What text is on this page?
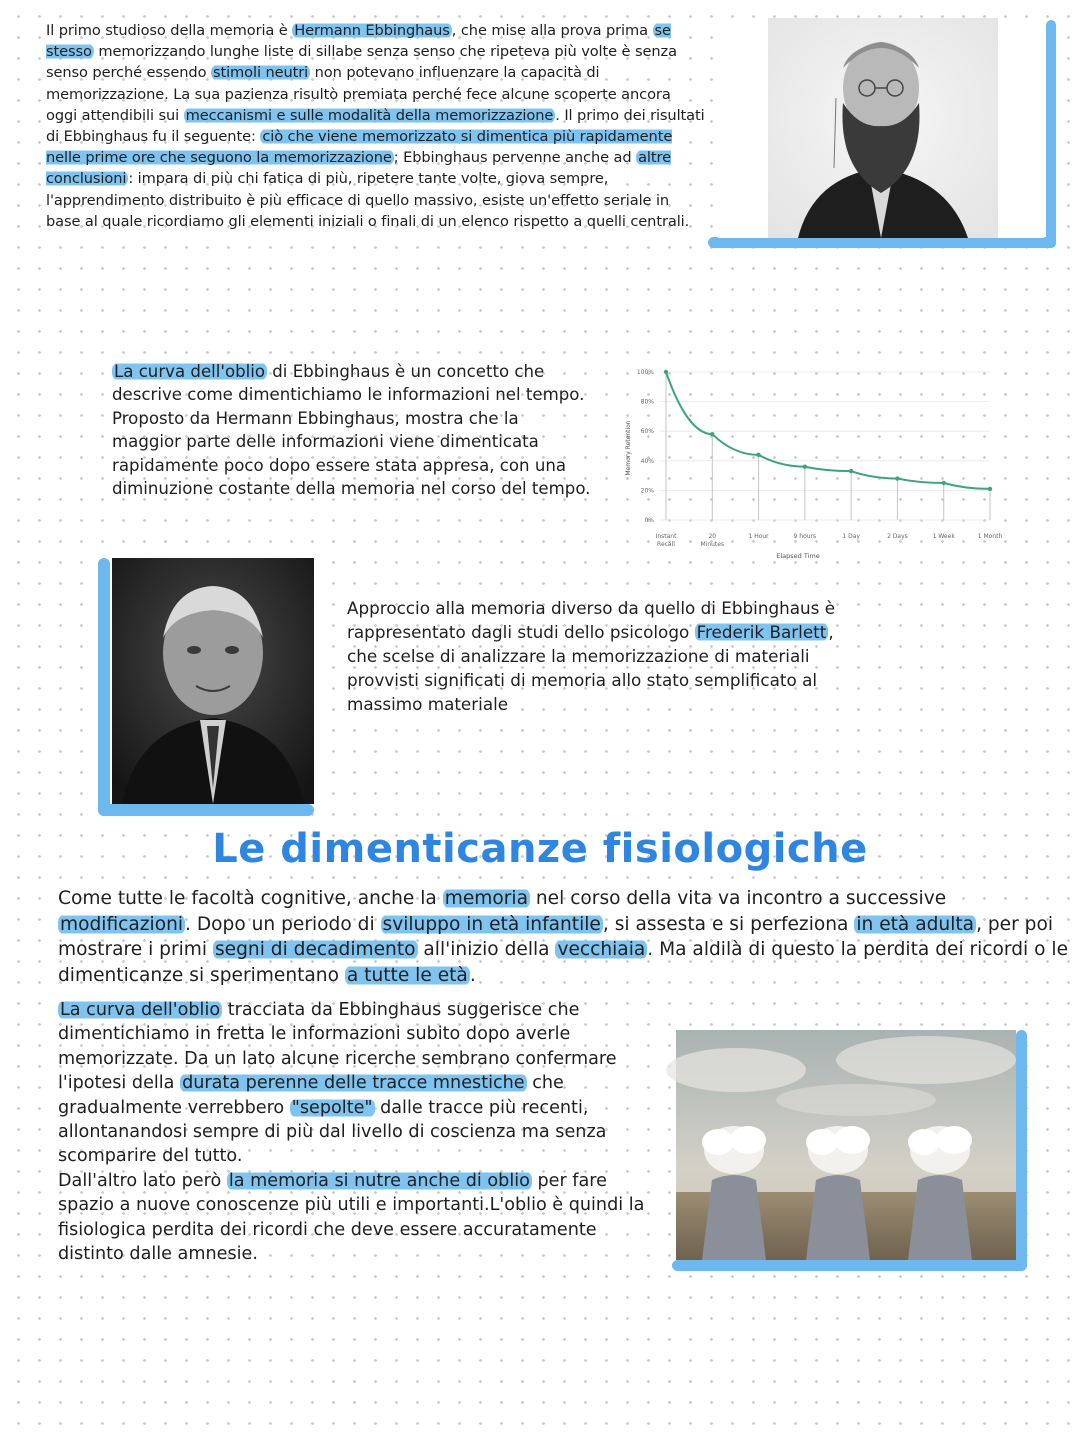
Il primo studioso della memoria è Hermann Ebbinghaus , che mise alla prova prima se stesso memorizzando lunghe liste di sillabe senza senso che ripeteva più volte è senza senso perché essendo stimoli neutri non potevano influenzare la capacità di memorizzazione. La sua pazienza risultò premiata perché fece alcune scoperte ancora oggi attendibili sui meccanismi e sulle modalità della memorizzazione . Il primo dei risultati di Ebbinghaus fu il seguente: ciò che viene memorizzato si dimentica più rapidamente nelle prime ore che seguono la memorizzazione ; Ebbinghaus pervenne anche ad altre conclusioni : impara di più chi fatica di più, ripetere tante volte, giova sempre, l'apprendimento distribuito è più efficace di quello massivo, esiste un'effetto seriale in base al quale ricordiamo gli elementi iniziali o finali di un elenco rispetto a quelli centrali.

La curva dell'oblio di Ebbinghaus è un concetto che descrive come dimentichiamo le informazioni nel tempo. Proposto da Hermann Ebbinghaus, mostra che la maggior parte delle informazioni viene dimenticata rapidamente poco dopo essere stata appresa, con una diminuzione costante della memoria nel corso del tempo.

0%
20%
40%
60%
80%
100%
Instant Recall
20 Minutes
1 Hour	9 hours	1 Day	2 Days	1 Week	1 Month
Memory Retention
Elapsed Time

Approccio alla memoria diverso da quello di Ebbinghaus è rappresentato dagli studi dello psicologo Frederik Barlett , che scelse di analizzare la memorizzazione di materiali provvisti significati di memoria allo stato semplificato al massimo materiale

Le dimenticanze fisiologiche

Come tutte le facoltà cognitive, anche la memoria nel corso della vita va incontro a successive modificazioni . Dopo un periodo di sviluppo in età infantile , si assesta e si perfeziona in età adulta , per poi mostrare i primi segni di decadimento all'inizio della vecchiaia . Ma aldilà di questo la perdita dei ricordi o le dimenticanze si sperimentano a tutte le età .

La curva dell'oblio tracciata da Ebbinghaus suggerisce che dimentichiamo in fretta le informazioni subito dopo averle memorizzate. Da un lato alcune ricerche sembrano confermare l'ipotesi della durata perenne delle tracce mnestiche che gradualmente verrebbero "sepolte" dalle tracce più recenti, allontanandosi sempre di più dal livello di coscienza ma senza scomparire del tutto.
Dall'altro lato però la memoria si nutre anche di oblio per fare spazio a nuove conoscenze più utili e importanti.L'oblio è quindi la fisiologica perdita dei ricordi che deve essere accuratamente distinto dalle amnesie.
